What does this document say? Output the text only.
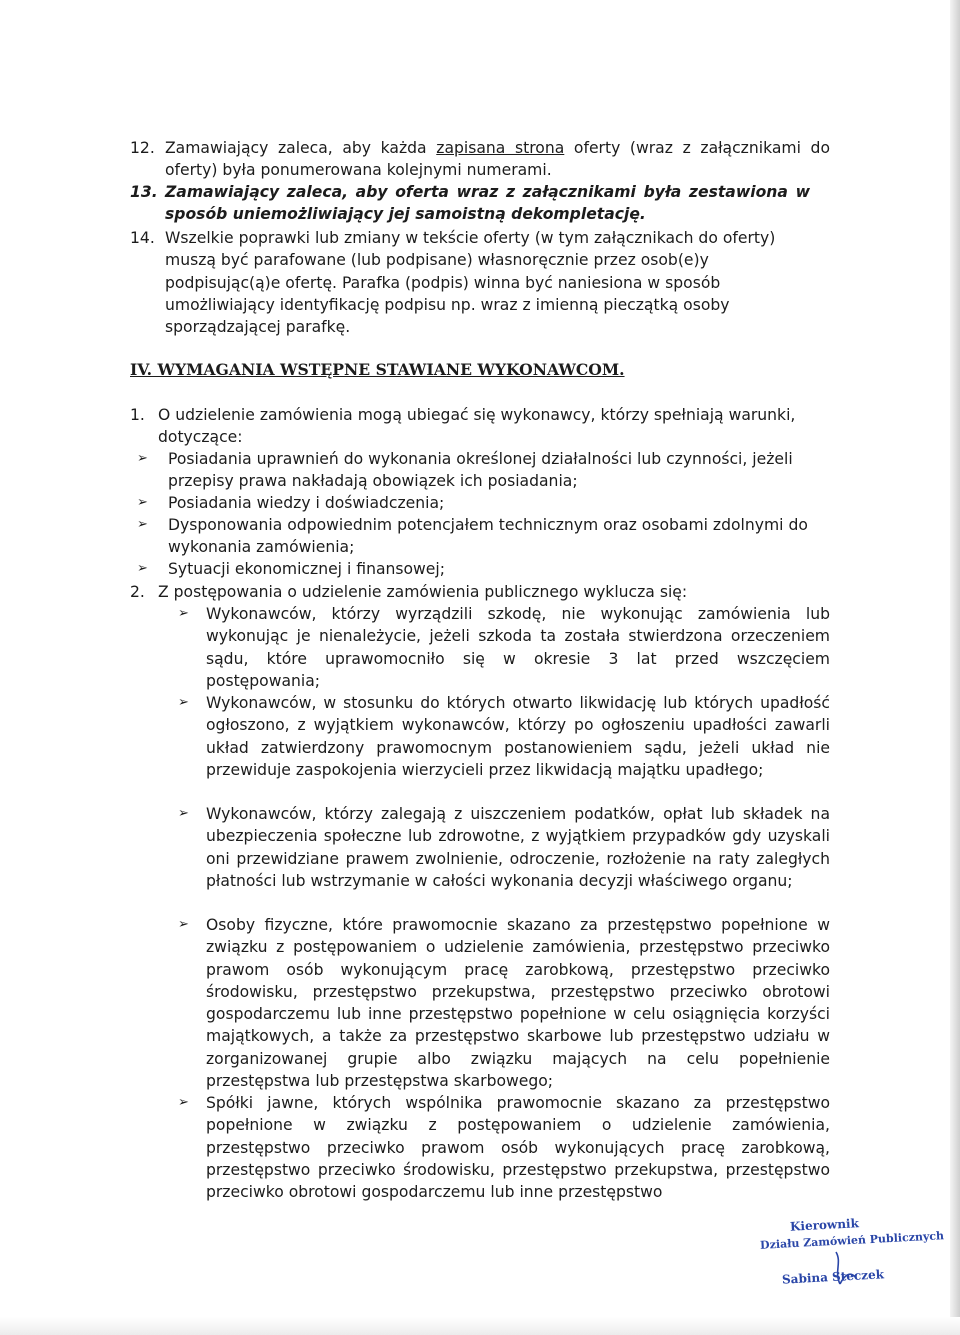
12. Zamawiający zaleca, aby każda zapisana strona oferty (wraz z załącznikami do oferty) była ponumerowana kolejnymi numerami.

13. Zamawiający zaleca, aby oferta wraz z załącznikami była zestawiona w sposób uniemożliwiający jej samoistną dekompletację.

14. Wszelkie poprawki lub zmiany w tekście oferty (w tym załącznikach do oferty) muszą być parafowane (lub podpisane) własnoręcznie przez osob(e)y podpisując(ą)e ofertę. Parafka (podpis) winna być naniesiona w sposób umożliwiający identyfikację podpisu np. wraz z imienną pieczątką osoby sporządzającej parafkę.

IV. WYMAGANIA WSTĘPNE STAWIANE WYKONAWCOM.
1. O udzielenie zamówienia mogą ubiegać się wykonawcy, którzy spełniają warunki, dotyczące:

➢ Posiadania uprawnień do wykonania określonej działalności lub czynności, jeżeli przepisy prawa nakładają obowiązek ich posiadania;

➢ Posiadania wiedzy i doświadczenia;

➢ Dysponowania odpowiednim potencjałem technicznym oraz osobami zdolnymi do wykonania zamówienia;

➢ Sytuacji ekonomicznej i finansowej;

2. Z postępowania o udzielenie zamówienia publicznego wyklucza się:

➢ Wykonawców, którzy wyrządzili szkodę, nie wykonując zamówienia lub wykonując je nienależycie, jeżeli szkoda ta została stwierdzona orzeczeniem sądu, które uprawomocniło się w okresie 3 lat przed wszczęciem postępowania;

➢ Wykonawców, w stosunku do których otwarto likwidację lub których upadłość ogłoszono, z wyjątkiem wykonawców, którzy po ogłoszeniu upadłości zawarli układ zatwierdzony prawomocnym postanowieniem sądu, jeżeli układ nie przewiduje zaspokojenia wierzycieli przez likwidacją majątku upadłego;

➢ Wykonawców, którzy zalegają z uiszczeniem podatków, opłat lub składek na ubezpieczenia społeczne lub zdrowotne, z wyjątkiem przypadków gdy uzyskali oni przewidziane prawem zwolnienie, odroczenie, rozłożenie na raty zaległych płatności lub wstrzymanie w całości wykonania decyzji właściwego organu;

➢ Osoby fizyczne, które prawomocnie skazano za przestępstwo popełnione w związku z postępowaniem o udzielenie zamówienia, przestępstwo przeciwko prawom osób wykonującym pracę zarobkową, przestępstwo przeciwko środowisku, przestępstwo przekupstwa, przestępstwo przeciwko obrotowi gospodarczemu lub inne przestępstwo popełnione w celu osiągnięcia korzyści majątkowych, a także za przestępstwo skarbowe lub przestępstwo udziału w zorganizowanej grupie albo związku mających na celu popełnienie przestępstwa lub przestępstwa skarbowego;

➢ Spółki jawne, których wspólnika prawomocnie skazano za przestępstwo popełnione w związku z postępowaniem o udzielenie zamówienia, przestępstwo przeciwko prawom osób wykonujących pracę zarobkową, przestępstwo przeciwko środowisku, przestępstwo przekupstwa, przestępstwo przeciwko obrotowi gospodarczemu lub inne przestępstwo

Kierownik
Działu Zamówień Publicznych
Sabina Steczek
